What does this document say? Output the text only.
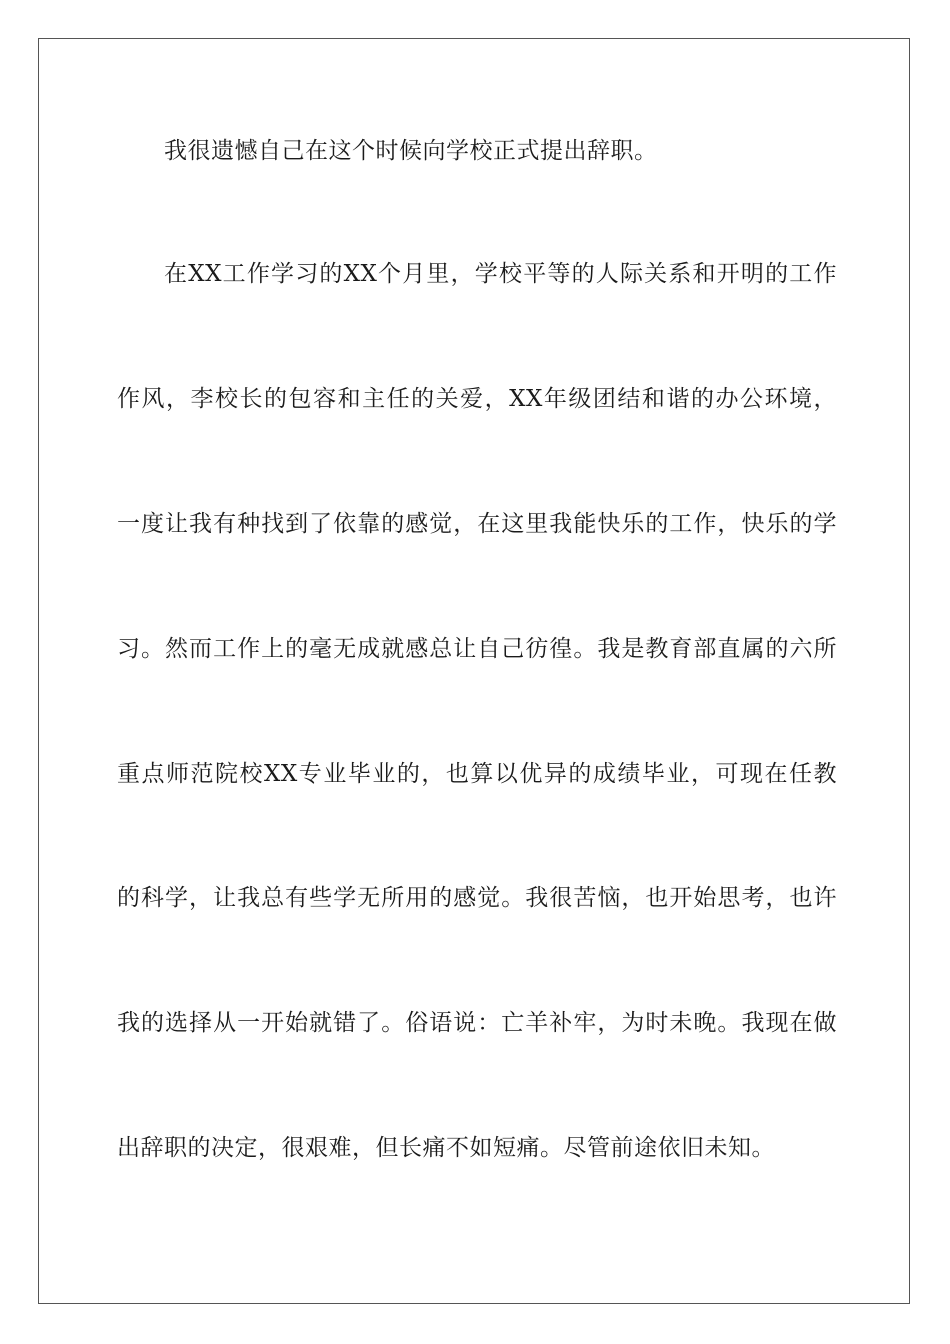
我很遗憾自己在这个时候向学校正式提出辞职。
在XX工作学习的XX个月里，学校平等的人际关系和开明的工作
作风，李校长的包容和主任的关爱，XX年级团结和谐的办公环境，
一度让我有种找到了依靠的感觉，在这里我能快乐的工作，快乐的学
习。然而工作上的毫无成就感总让自己彷徨。我是教育部直属的六所
重点师范院校XX专业毕业的，也算以优异的成绩毕业，可现在任教
的科学，让我总有些学无所用的感觉。我很苦恼，也开始思考，也许
我的选择从一开始就错了。俗语说：亡羊补牢，为时未晚。我现在做
出辞职的决定，很艰难，但长痛不如短痛。尽管前途依旧未知。
